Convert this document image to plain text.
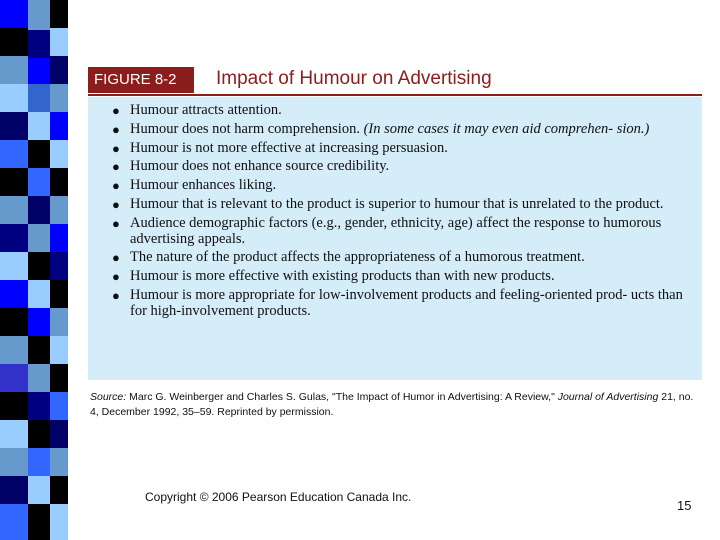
FIGURE 8-2	Impact of Humour on Advertising
● Humour attracts attention.
● Humour does not harm comprehension. (In some cases it may even aid comprehen- sion.)
● Humour is not more effective at increasing persuasion.
● Humour does not enhance source credibility.
● Humour enhances liking.
● Humour that is relevant to the product is superior to humour that is unrelated to the product.
● Audience demographic factors (e.g., gender, ethnicity, age) affect the response to humorous advertising appeals.
● The nature of the product affects the appropriateness of a humorous treatment.
● Humour is more effective with existing products than with new products.
● Humour is more appropriate for low-involvement products and feeling-oriented prod- ucts than for high-involvement products.
Source: Marc G. Weinberger and Charles S. Gulas, "The Impact of Humor in Advertising: A Review," Journal of Advertising 21, no. 4, December 1992, 35–59. Reprinted by permission.
Copyright © 2006 Pearson Education Canada Inc.
15
